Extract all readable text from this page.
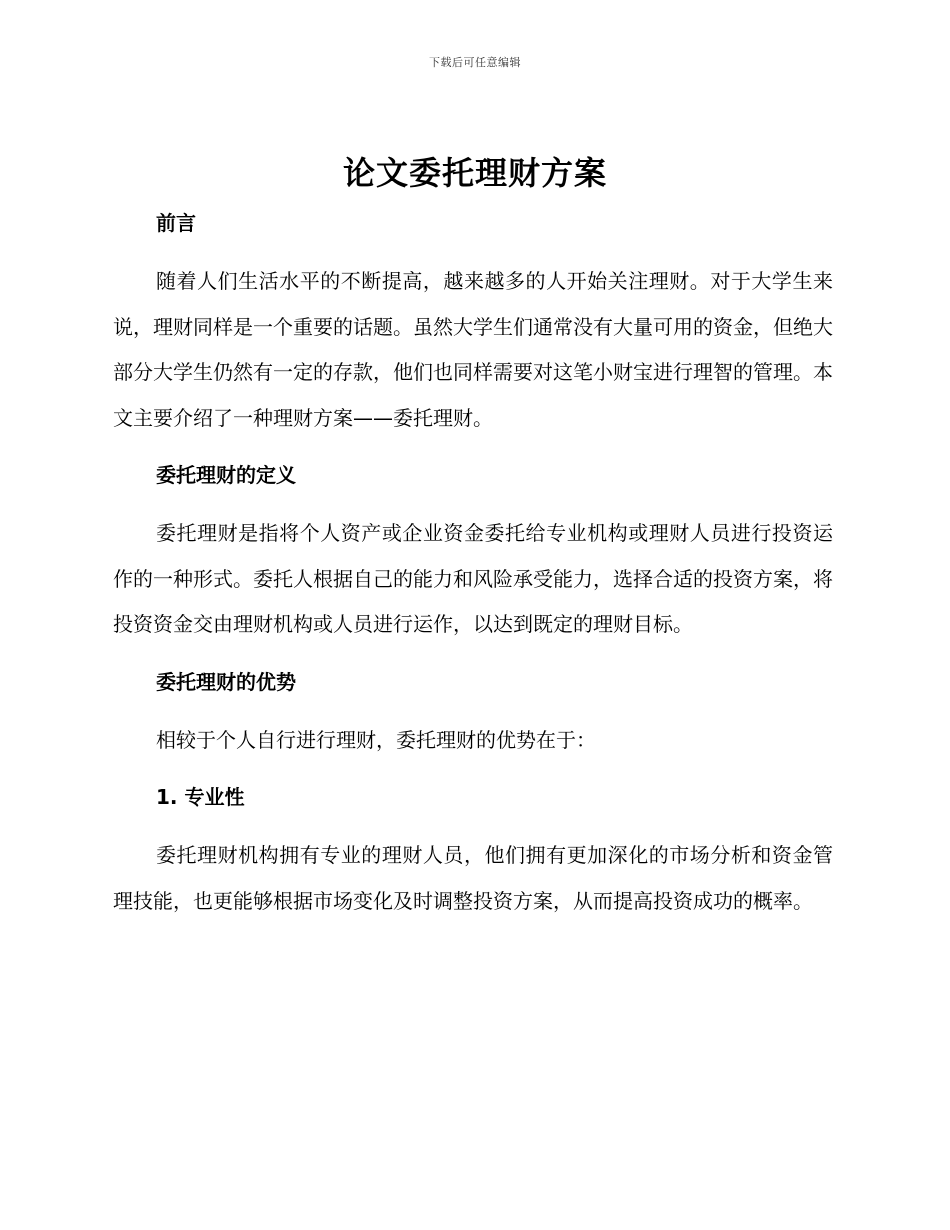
下载后可任意编辑
论文委托理财方案

前言

随着人们生活水平的不断提高，越来越多的人开始关注理财。对于大学生来说，理财同样是一个重要的话题。虽然大学生们通常没有大量可用的资金，但绝大部分大学生仍然有一定的存款，他们也同样需要对这笔小财宝进行理智的管理。本文主要介绍了一种理财方案——委托理财。

委托理财的定义

委托理财是指将个人资产或企业资金委托给专业机构或理财人员进行投资运作的一种形式。委托人根据自己的能力和风险承受能力，选择合适的投资方案，将投资资金交由理财机构或人员进行运作，以达到既定的理财目标。

委托理财的优势

相较于个人自行进行理财，委托理财的优势在于：

1. 专业性

委托理财机构拥有专业的理财人员，他们拥有更加深化的市场分析和资金管理技能，也更能够根据市场变化及时调整投资方案，从而提高投资成功的概率。
